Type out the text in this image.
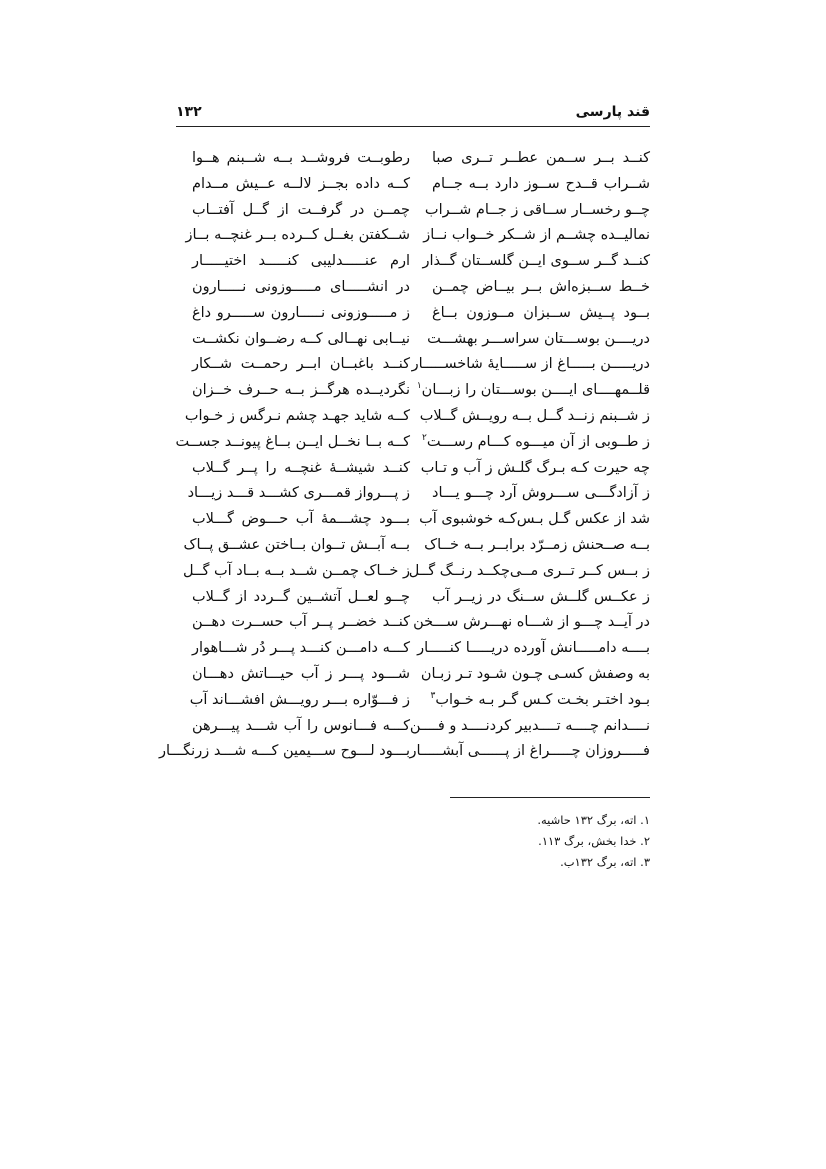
قند پارسی
۱۳۲
کنــد بــر ســمن عطــر تــری صبا
شــراب قــدح ســوز دارد بــه جــام
چــو رخســار ســاقی ز جــام شــراب
نمالیــده چشــم از شــکر خــواب نــاز
کنــد گــر ســوی ایــن گلســتان گــذار
خــط ســبزه‌اش بــر بیــاض چمــن
بــود پــیش ســبزان مــوزون بــاغ
دریــــن بوســـتان سراســـر بهشـــت
دریـــــن بـــــاغ از ســـــایهٔ شاخســـــار
قلــمهــــای ایــــن بوســـتان را زبـــان$^۱$
ز شــبنم زنــد گــل بــه رویــش گــلاب
ز طــوبی از آن میـــوه کـــام رســـت$^۲$
چه حیرت کـه بـرگ گلـش ز آب و تـاب
ز آزادگـــی ســـروش آرد چـــو یـــاد
شد از عکس گـل بـس‌کـه خوشبوی آب
بــه صــحنش زمــرّد برابــر بــه خــاک
ز بــس کــر تــری مــی‌چکــد رنــگ گــل
ز عکــس گلــش ســنگ در زیــر آب
در آیــد چـــو از شـــاه نهـــرش ســـخن
بــــه دامـــــانش آورده دریـــــا کنـــــار
به وصفش کسـی چـون شـود تـر زبـان
بـود اختـر بخـت کـس گـر بـه خـواب$^۳$
نــــدانم چــــه تــــدبیر کردنــــد و فــــن
فـــــروزان چـــــراغ از پــــــی آبشـــــار
رطوبــت فروشــد بــه شــبنم هــوا
کــه داده بجــز لالــه عــیش مــدام
چمــن در گرفــت از گــل آفتــاب
شــکفتن بغــل کــرده بــر غنچــه بــاز
ارم عنـــــدلیبی کنـــــد اختیـــــار
در انشـــــای مـــــوزونی نـــــارون
ز مـــــوزونی نـــــارون ســـــرو داغ
نیــابی نهــالی کــه رضــوان نکشــت
کنــد باغبــان ابــر رحمــت شــکار
نگردیــده هرگــز بــه حــرف خــزان
کــه شاید جهـد چشم نـرگس ز خـواب
کــه بــا نخــل ایــن بــاغ پیونــد جســت
کنــد شیشــهٔ غنچــه را پــر گــلاب
ز پـــرواز قمـــری کشـــد قـــد زیـــاد
بـــود چشـــمهٔ آب حـــوض گـــلاب
بــه آبــش تــوان بــاختن عشــق پــاک
ز خــاک چمــن شــد بــه بــاد آب گــل
چــو لعــل آتشــین گــردد از گــلاب
کنــد خضــر پــر آب حســرت دهــن
کـــه دامـــن کنـــد پـــر دُر شـــاهوار
شـــود پـــر ز آب حیـــاتش دهـــان
ز فـــوّاره بـــر رویـــش افشـــاند آب
کـــه فـــانوس را آب شـــد پیـــرهن
بـــود لـــوح ســـیمین کـــه شـــد زرنگـــار
۱. اته، برگ ۱۳۲ حاشیه.
۲. خدا بخش، برگ ۱۱۳.
۳. اته، برگ ۱۳۲ب.
